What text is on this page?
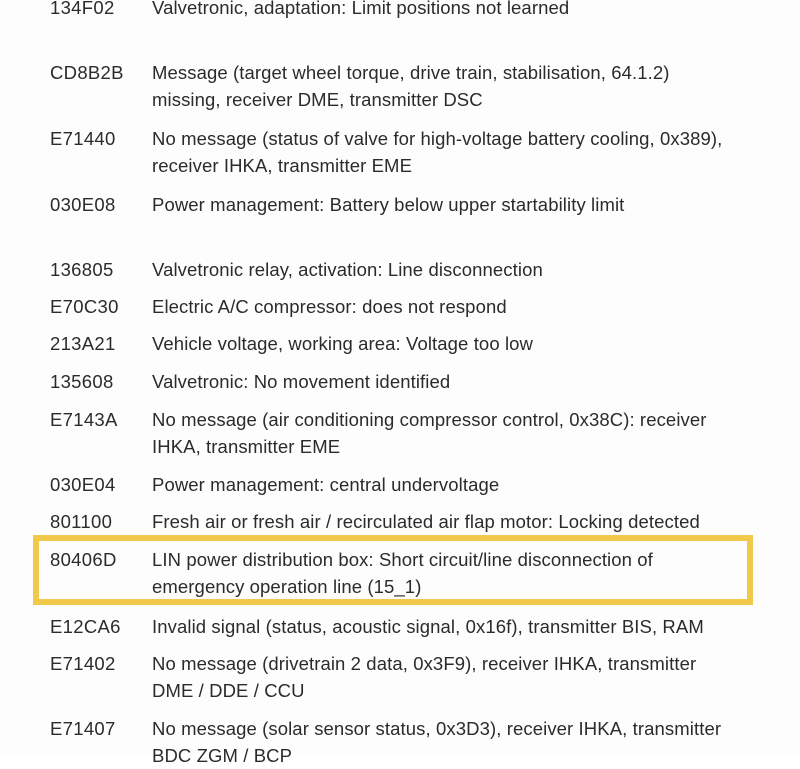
134F02 Valvetronic, adaptation: Limit positions not learned
CD8B2B Message (target wheel torque, drive train, stabilisation, 64.1.2)
missing, receiver DME, transmitter DSC
E71440 No message (status of valve for high-voltage battery cooling, 0x389),
receiver IHKA, transmitter EME
030E08 Power management: Battery below upper startability limit
136805 Valvetronic relay, activation: Line disconnection
E70C30 Electric A/C compressor: does not respond
213A21 Vehicle voltage, working area: Voltage too low
135608 Valvetronic: No movement identified
E7143A No message (air conditioning compressor control, 0x38C): receiver
IHKA, transmitter EME
030E04 Power management: central undervoltage
801100 Fresh air or fresh air / recirculated air flap motor: Locking detected
80406D LIN power distribution box: Short circuit/line disconnection of
emergency operation line (15_1)
E12CA6 Invalid signal (status, acoustic signal, 0x16f), transmitter BIS, RAM
E71402 No message (drivetrain 2 data, 0x3F9), receiver IHKA, transmitter
DME / DDE / CCU
E71407 No message (solar sensor status, 0x3D3), receiver IHKA, transmitter
BDC ZGM / BCP
